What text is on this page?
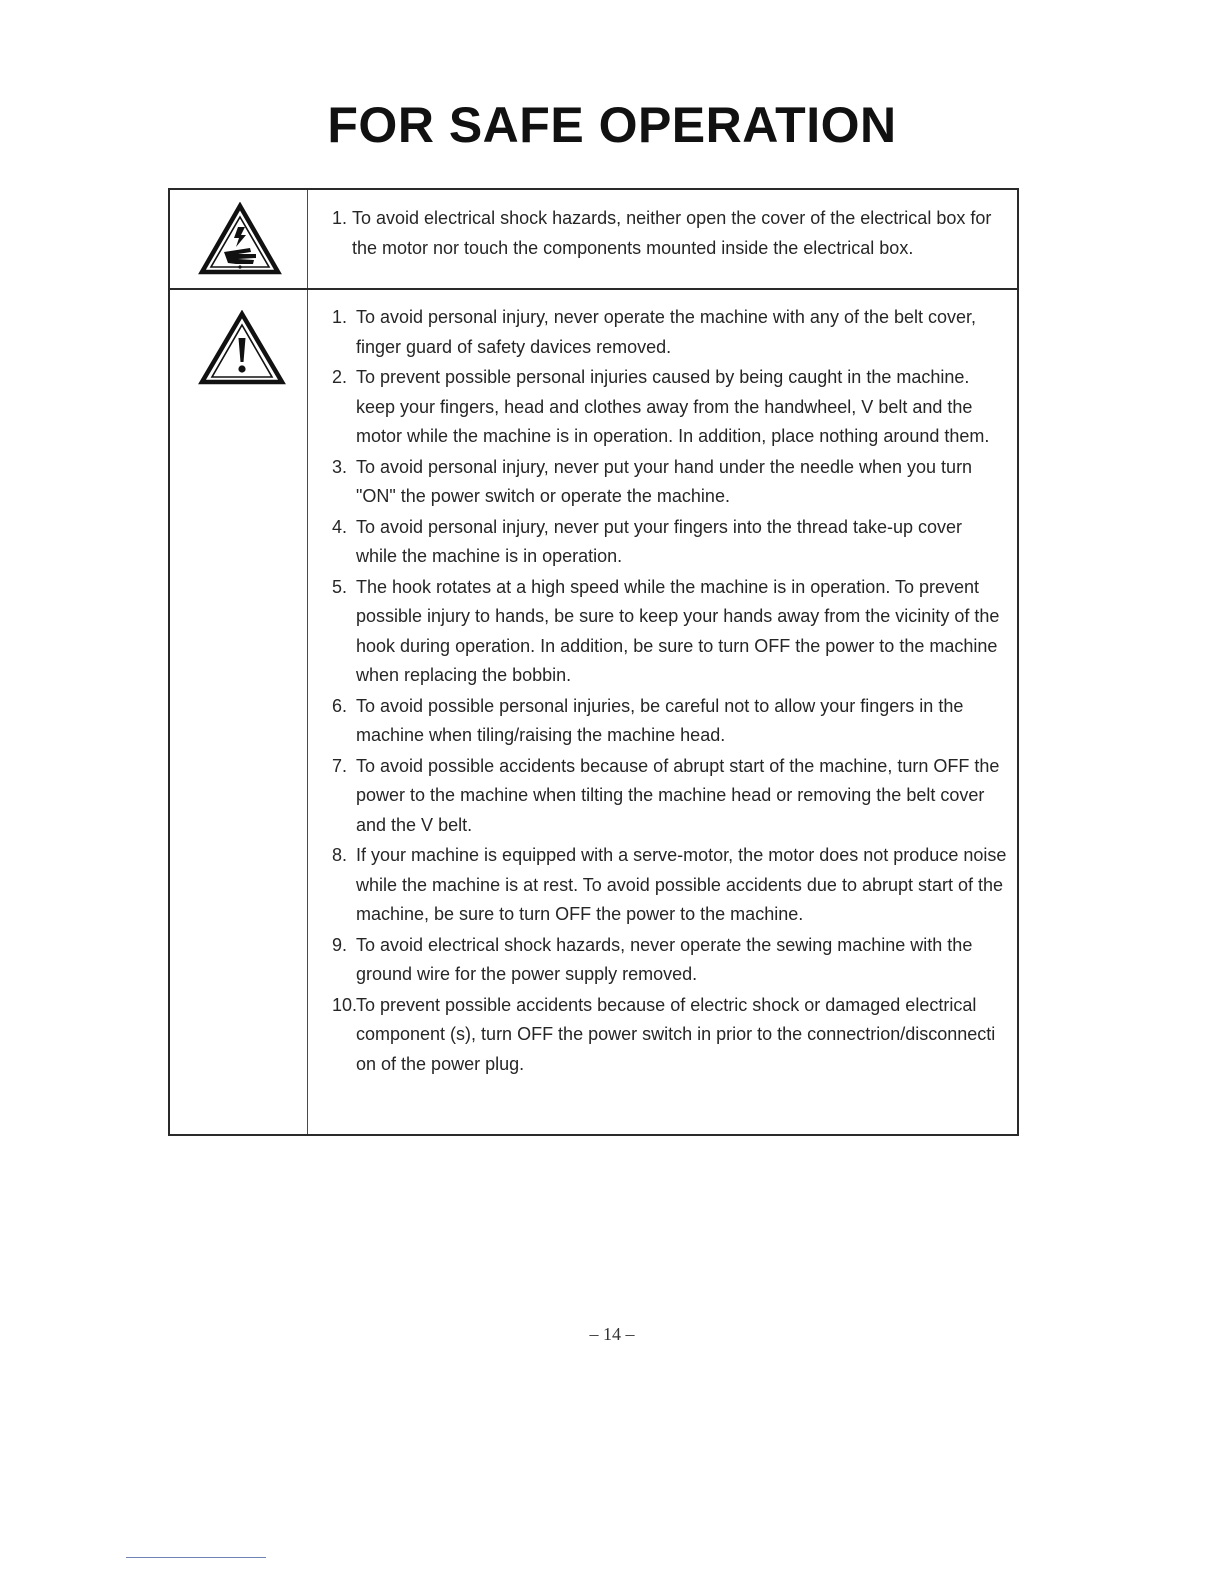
FOR SAFE OPERATION
1. To avoid electrical shock hazards, neither open the cover of the electrical box for the motor nor touch the components mounted inside the electrical box.
1. To avoid personal injury, never operate the machine with any of the belt cover, finger guard of safety davices removed.
2. To prevent possible personal injuries caused by being caught in the machine. keep your fingers, head and clothes away from the handwheel, V belt and the motor while the machine is in operation. In addition, place nothing around them.
3. To avoid personal injury, never put your hand under the needle when you turn "ON" the power switch or operate the machine.
4. To avoid personal injury, never put your fingers into the thread take-up cover while the machine is in operation.
5. The hook rotates at a high speed while the machine is in operation. To prevent possible injury to hands, be sure to keep your hands away from the vicinity of the hook during operation. In addition, be sure to turn OFF the power to the machine when replacing the bobbin.
6. To avoid possible personal injuries, be careful not to allow your fingers in the machine when tiling/raising the machine head.
7. To avoid possible accidents because of abrupt start of the machine, turn OFF the power to the machine when tilting the machine head or removing the belt cover and the V belt.
8. If your machine is equipped with a serve-motor, the motor does not produce noise while the machine is at rest. To avoid possible accidents due to abrupt start of the machine, be sure to turn OFF the power to the machine.
9. To avoid electrical shock hazards, never operate the sewing machine with the ground wire for the power supply removed.
10.
To prevent possible accidents because of electric shock or damaged electrical component (s), turn OFF the power switch in prior to the connectrion/disconnecti on of the power plug.
– 14 –
